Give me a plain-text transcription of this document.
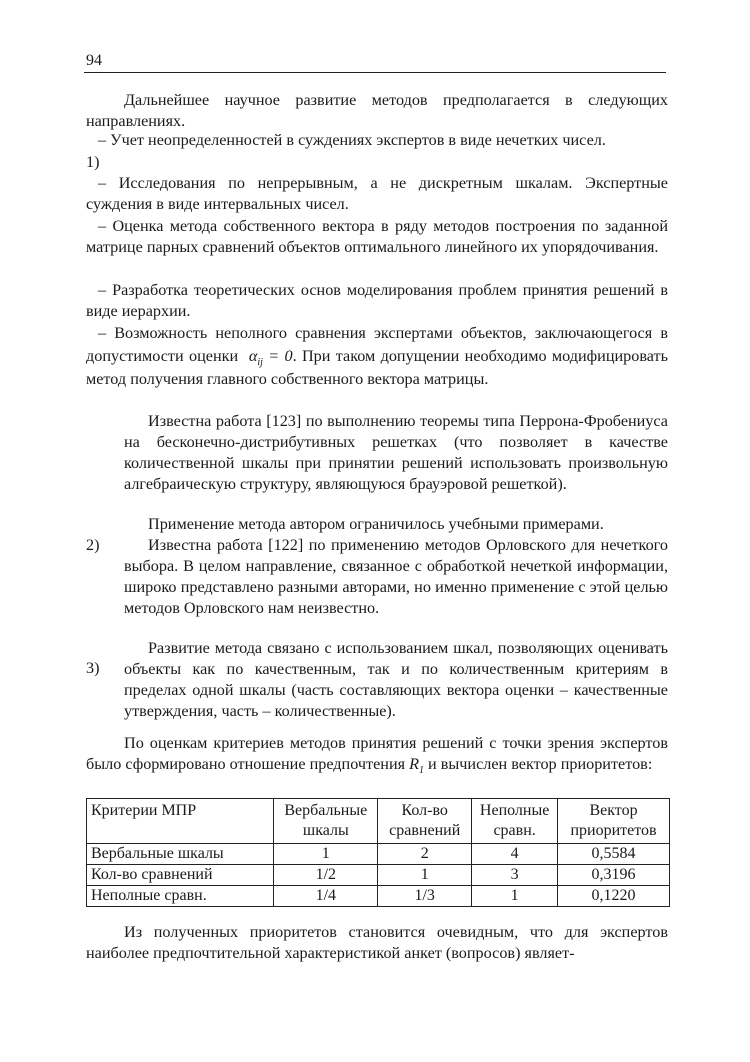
94
Дальнейшее научное развитие методов предполагается в следующих направлениях.
1)
– Учет неопределенностей в суждениях экспертов в виде нечетких чисел.
– Исследования по непрерывным, а не дискретным шкалам. Экспертные суждения в виде интервальных чисел.
– Оценка метода собственного вектора в ряду методов построения по заданной матрице парных сравнений объектов оптимального линейного их упорядочивания.
– Разработка теоретических основ моделирования проблем принятия решений в виде иерархии.
– Возможность неполного сравнения экспертами объектов, заключающегося в допустимости оценки $\alpha_{ij} = 0$. При таком допущении необходимо модифицировать метод получения главного собственного вектора матрицы.
Известна работа [123] по выполнению теоремы типа Перрона-Фробениуса на бесконечно-дистрибутивных решетках (что позволяет в качестве количественной шкалы при принятии решений использовать произвольную алгебраическую структуру, являющуюся брауэровой решеткой).
Применение метода автором ограничилось учебными примерами.
2)	Известна работа [122] по применению методов Орловского для нечеткого выбора. В целом направление, связанное с обработкой нечеткой информации, широко представлено разными авторами, но именно применение с этой целью методов Орловского нам неизвестно.
3)
Развитие метода связано с использованием шкал, позволяющих оценивать объекты как по качественным, так и по количественным критериям в пределах одной шкалы (часть составляющих вектора оценки – качественные утверждения, часть – количественные).
По оценкам критериев методов принятия решений с точки зрения экспертов было сформировано отношение предпочтения $R_1$ и вычислен вектор приоритетов:
Критерии МПР	Вербальные шкалы	Кол-во сравнений	Неполные сравн.	Вектор приоритетов
Вербальные шкалы	1	2	4	0,5584
Кол-во сравнений	1/2	1	3	0,3196
Неполные сравн.	1/4	1/3	1	0,1220
Из полученных приоритетов становится очевидным, что для экспертов наиболее предпочтительной характеристикой анкет (вопросов) являет-
